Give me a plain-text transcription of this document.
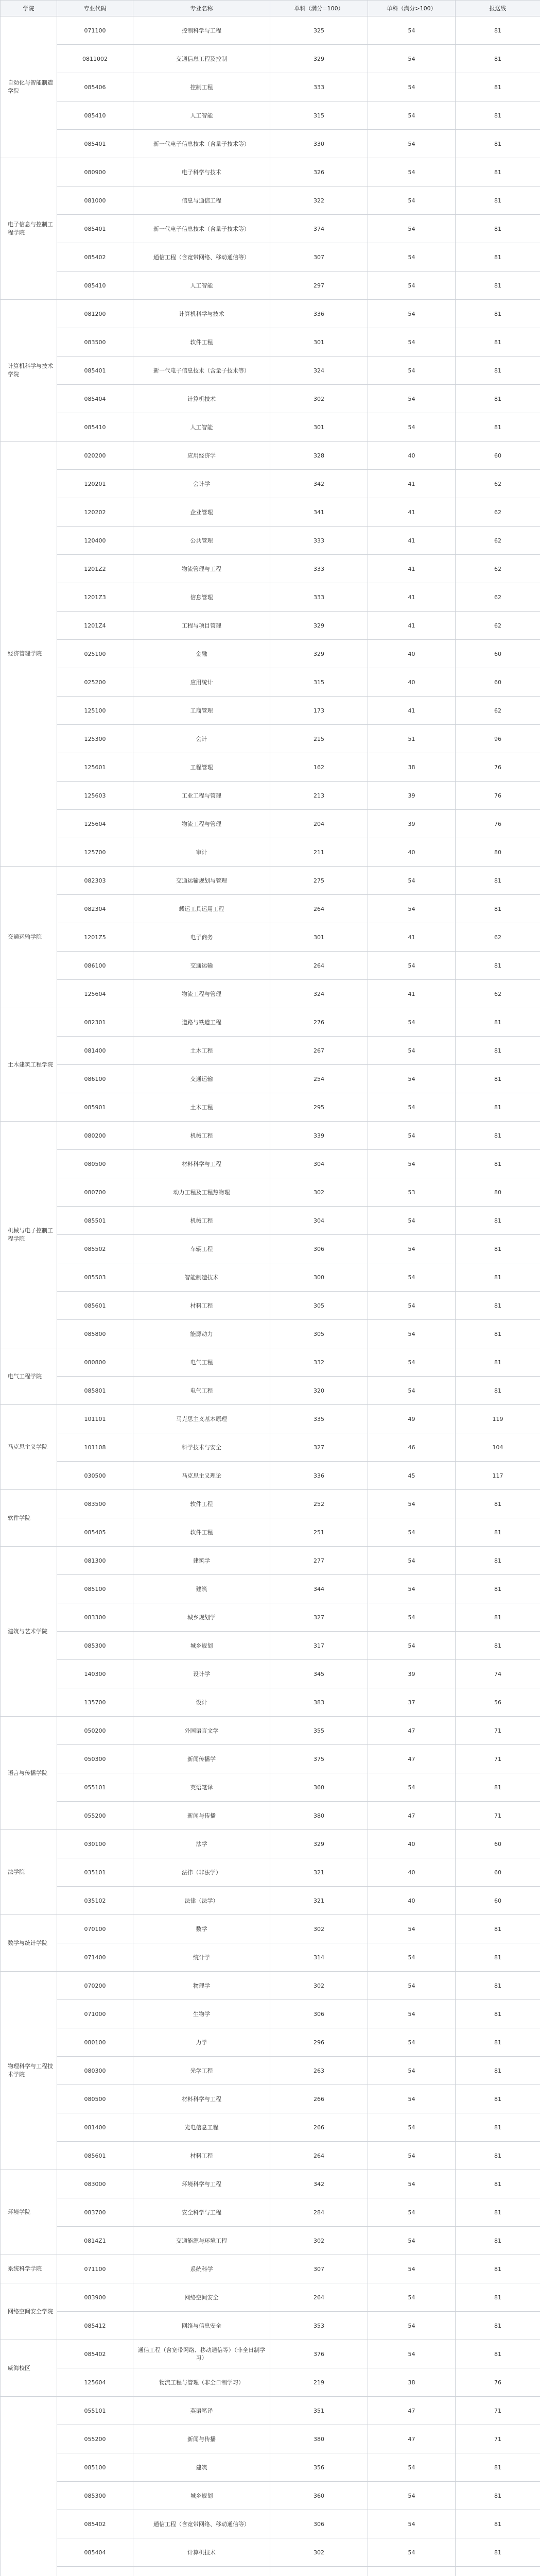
学院	专业代码	专业名称	单科（满分=100）	单科（满分>100）	报送线
自动化与智能制造学院	071100	控制科学与工程	325	54	81
	0811002	交通信息工程及控制	329	54	81
	085406	控制工程	333	54	81
	085410	人工智能	315	54	81
	085401	新一代电子信息技术（含量子技术等）	330	54	81
电子信息与控制工程学院	080900	电子科学与技术	326	54	81
	081000	信息与通信工程	322	54	81
	085401	新一代电子信息技术（含量子技术等）	374	54	81
	085402	通信工程（含宽带网络、移动通信等）	307	54	81
	085410	人工智能	297	54	81
计算机科学与技术学院	081200	计算机科学与技术	336	54	81
	083500	软件工程	301	54	81
	085401	新一代电子信息技术（含量子技术等）	324	54	81
	085404	计算机技术	302	54	81
	085410	人工智能	301	54	81
经济管理学院	020200	应用经济学	328	40	60
	120201	会计学	342	41	62
	120202	企业管理	341	41	62
	120400	公共管理	333	41	62
	1201Z2	物流管理与工程	333	41	62
	1201Z3	信息管理	333	41	62
	1201Z4	工程与项目管理	329	41	62
	025100	金融	329	40	60
	025200	应用统计	315	40	60
	125100	工商管理	173	41	62
	125300	会计	215	51	96
	125601	工程管理	162	38	76
	125603	工业工程与管理	213	39	76
	125604	物流工程与管理	204	39	76
	125700	审计	211	40	80
交通运输学院	082303	交通运输规划与管理	275	54	81
	082304	载运工具运用工程	264	54	81
	1201Z5	电子商务	301	41	62
	086100	交通运输	264	54	81
	125604	物流工程与管理	324	41	62
土木建筑工程学院	082301	道路与铁道工程	276	54	81
	081400	土木工程	267	54	81
	086100	交通运输	254	54	81
	085901	土木工程	295	54	81
机械与电子控制工程学院	080200	机械工程	339	54	81
	080500	材料科学与工程	304	54	81
	080700	动力工程及工程热物理	302	53	80
	085501	机械工程	304	54	81
	085502	车辆工程	306	54	81
	085503	智能制造技术	300	54	81
	085601	材料工程	305	54	81
	085800	能源动力	305	54	81
电气工程学院	080800	电气工程	332	54	81
	085801	电气工程	320	54	81
马克思主义学院	101101	马克思主义基本原理	335	49	119
	101108	科学技术与安全	327	46	104
	030500	马克思主义理论	336	45	117
软件学院	083500	软件工程	252	54	81
	085405	软件工程	251	54	81
建筑与艺术学院	081300	建筑学	277	54	81
	085100	建筑	344	54	81
	083300	城乡规划学	327	54	81
	085300	城乡规划	317	54	81
	140300	设计学	345	39	74
	135700	设计	383	37	56
语言与传播学院	050200	外国语言文学	355	47	71
	050300	新闻传播学	375	47	71
	055101	英语笔译	360	54	81
	055200	新闻与传播	380	47	71
法学院	030100	法学	329	40	60
	035101	法律（非法学）	321	40	60
	035102	法律（法学）	321	40	60
数学与统计学院	070100	数学	302	54	81
	071400	统计学	314	54	81
物理科学与工程技术学院	070200	物理学	302	54	81
	071000	生物学	306	54	81
	080100	力学	296	54	81
	080300	光学工程	263	54	81
	080500	材料科学与工程	266	54	81
	081400	光电信息工程	266	54	81
	085601	材料工程	264	54	81
环境学院	083000	环境科学与工程	342	54	81
	083700	安全科学与工程	284	54	81
	0814Z1	交通能源与环境工程	302	54	81
系统科学学院	071100	系统科学	307	54	81
网络空间安全学院	083900	网络空间安全	264	54	81
	085412	网络与信息安全	353	54	81
威海校区	085402	通信工程（含宽带网络、移动通信等）（非全日制学习）	376	54	81
	125604	物流工程与管理（非全日制学习）	219	38	76
	055101	英语笔译	351	47	71
	055200	新闻与传播	380	47	71
	085100	建筑	356	54	81
	085300	城乡规划	360	54	81
	085402	通信工程（含宽带网络、移动通信等）	306	54	81
	085404	计算机技术	302	54	81
